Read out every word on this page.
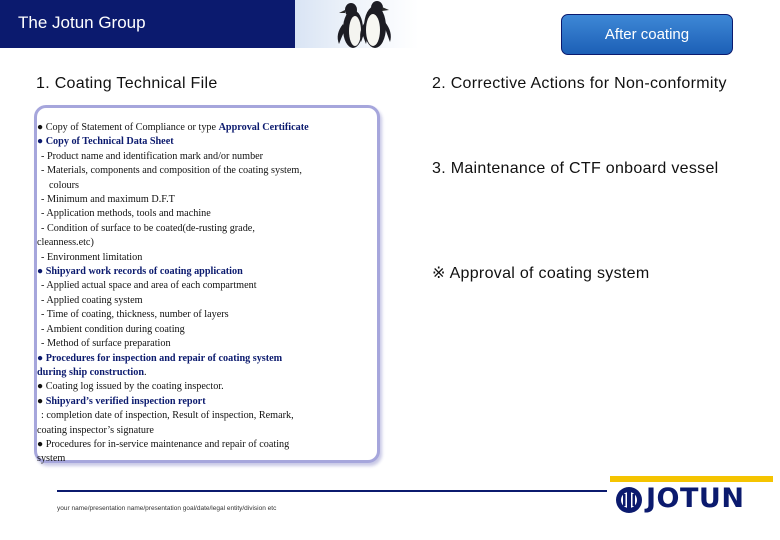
The Jotun Group
After coating
1. Coating Technical File	2. Corrective Actions for Non-conformity
3. Maintenance of CTF onboard vessel
※ Approval of coating system
● Copy of Statement of Compliance or type Approval Certificate
● Copy of Technical Data Sheet
- Product name and identification mark and/or number
- Materials, components and composition of the coating system,
colours
- Minimum and maximum D.F.T
- Application methods, tools and machine
- Condition of surface to be coated(de-rusting grade,
cleanness.etc)
- Environment limitation
● Shipyard work records of coating application
- Applied actual space and area of each compartment
- Applied coating system
- Time of coating, thickness, number of layers
- Ambient condition during coating
- Method of surface preparation
● Procedures for inspection and repair of coating system
during ship construction.
● Coating log issued by the coating inspector.
● Shipyard’s verified inspection report
: completion date of inspection, Result of inspection, Remark,
coating inspector’s signature
● Procedures for in-service maintenance and repair of coating
system
your name/presentation name/presentation goal/date/legal entity/division etc	JOTUN
